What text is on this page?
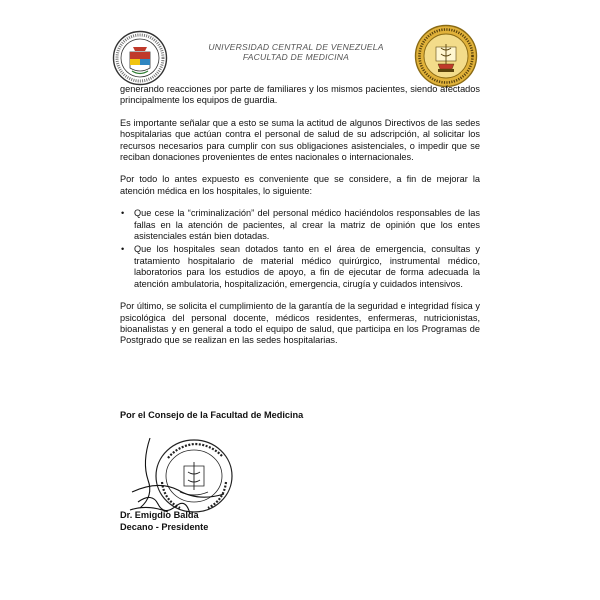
UNIVERSIDAD CENTRAL DE VENEZUELA
FACULTAD DE MEDICINA

generando reacciones por parte de familiares y los mismos pacientes, siendo afectados principalmente los equipos de guardia.

Es importante señalar que a esto se suma la actitud de algunos Directivos de las sedes hospitalarias que actúan contra el personal de salud de su adscripción, al solicitar los recursos necesarios para cumplir con sus obligaciones asistenciales, o impedir que se reciban donaciones provenientes de entes nacionales o internacionales.

Por todo lo antes expuesto es conveniente que se considere, a fin de mejorar la atención médica en los hospitales, lo siguiente:

• Que cese la “criminalización” del personal médico haciéndolos responsables de las fallas en la atención de pacientes, al crear la matriz de opinión que los entes asistenciales están bien dotadas.
• Que los hospitales sean dotados tanto en el área de emergencia, consultas y tratamiento hospitalario de material médico quirúrgico, instrumental médico, laboratorios para los estudios de apoyo, a fin de ejecutar de forma adecuada la atención ambulatoria, hospitalización, emergencia, cirugía y cuidados intensivos.

Por último, se solicita el cumplimiento de la garantía de la seguridad e integridad física y psicológica del personal docente, médicos residentes, enfermeras, nutricionistas, bioanalistas y en general a todo el equipo de salud, que participa en los Programas de Postgrado que se realizan en las sedes hospitalarias.

Por el Consejo de la Facultad de Medicina
Dr. Emigdio Balda
Decano - Presidente
